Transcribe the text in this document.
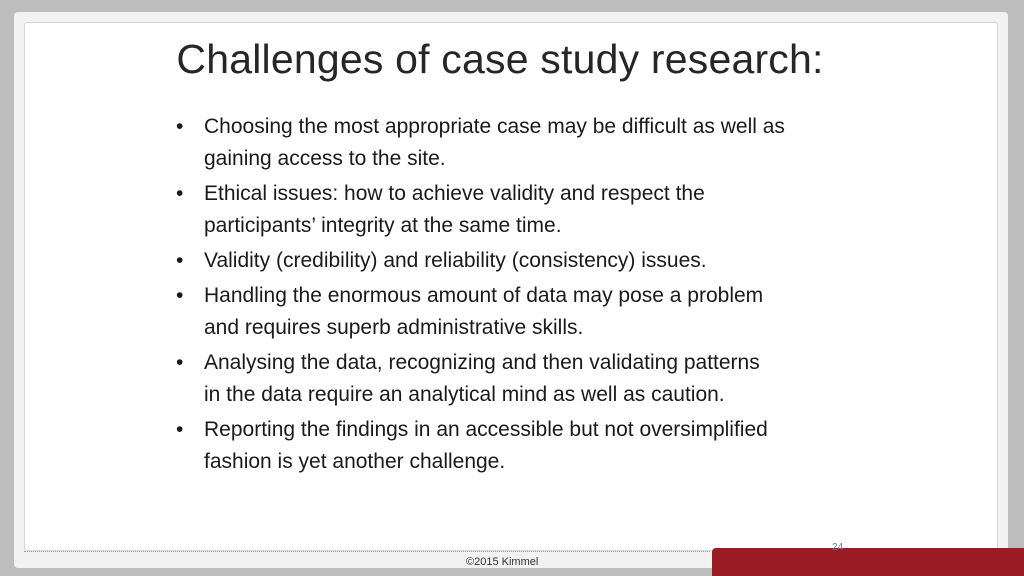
Challenges of case study research:
• Choosing the most appropriate case may be difficult as well as
gaining access to the site.
• Ethical issues: how to achieve validity and respect the
participants’ integrity at the same time.
• Validity (credibility) and reliability (consistency) issues.
• Handling the enormous amount of data may pose a problem
and requires superb administrative skills.
• Analysing the data, recognizing and then validating patterns
in the data require an analytical mind as well as caution.
• Reporting the findings in an accessible but not oversimplified
fashion is yet another challenge.
24
©2015 Kimmel
